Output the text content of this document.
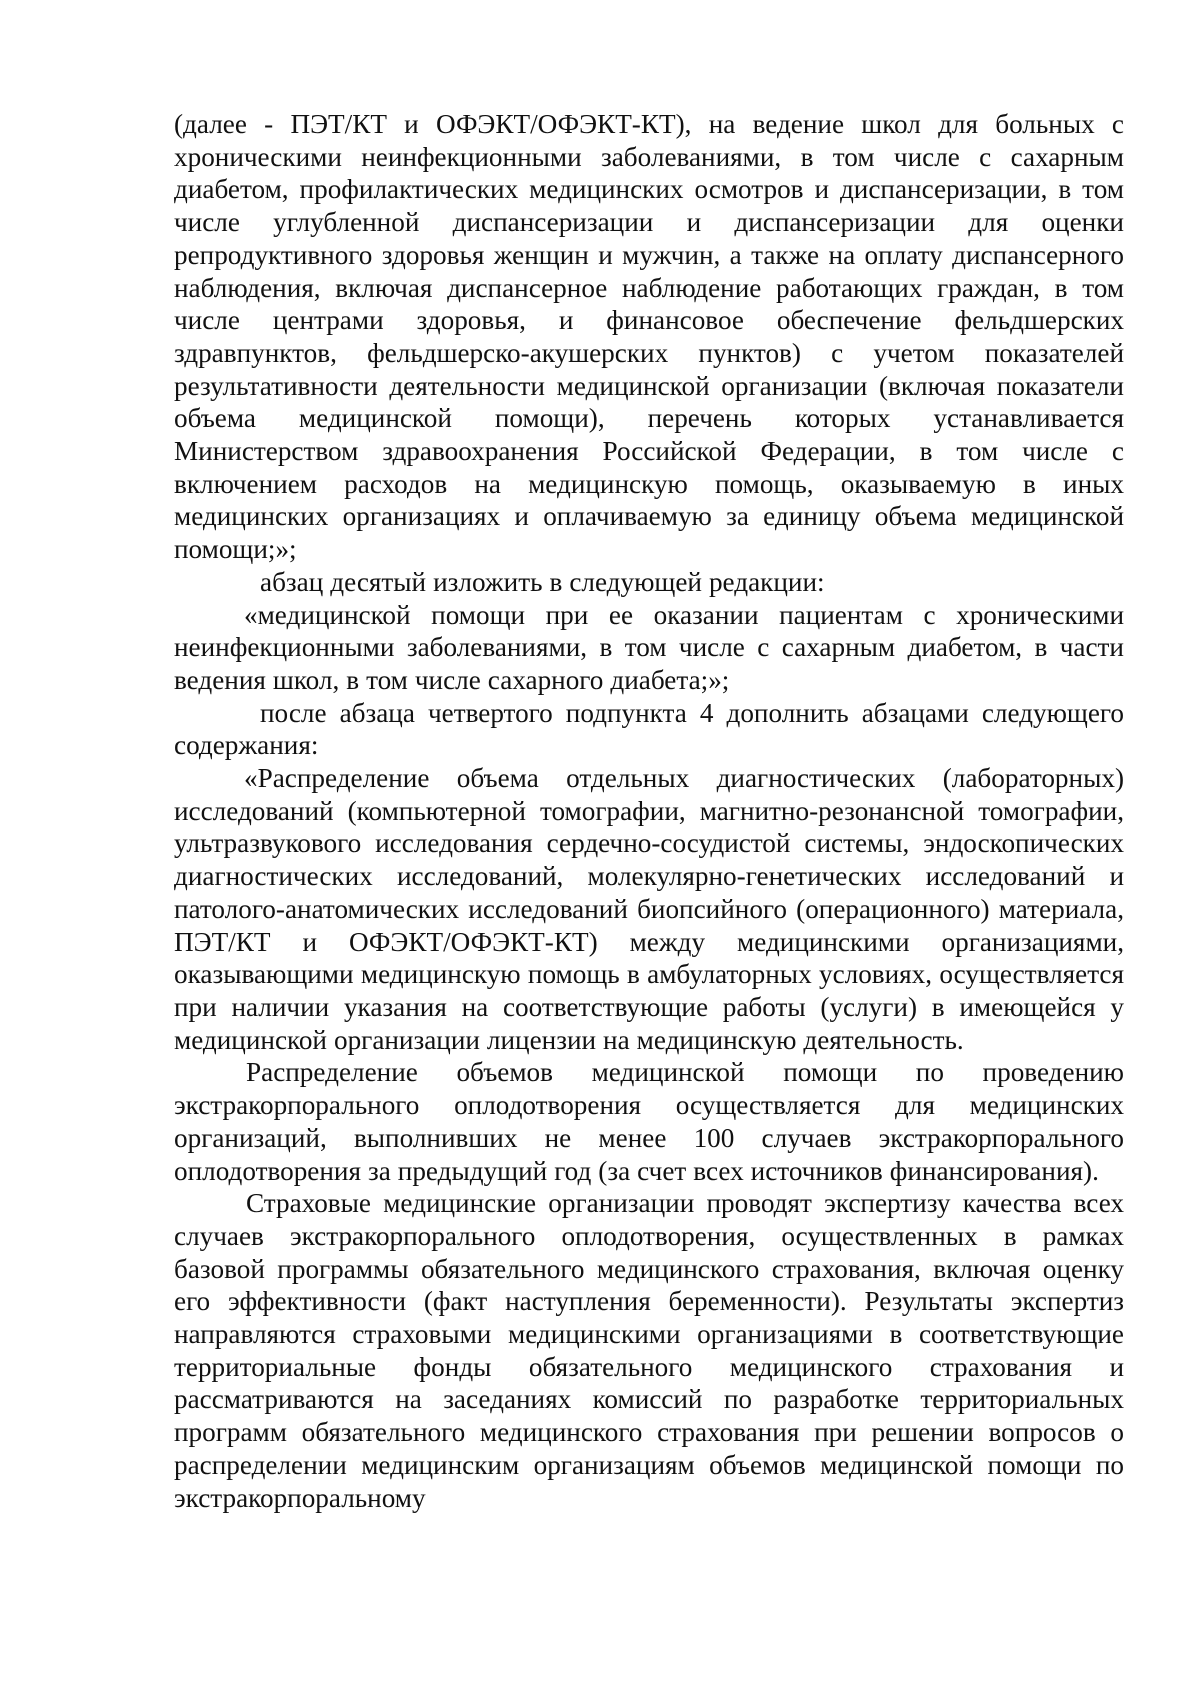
(далее - ПЭТ/КТ и ОФЭКТ/ОФЭКТ-КТ), на ведение школ для больных с хроническими неинфекционными заболеваниями, в том числе с сахарным диабетом, профилактических медицинских осмотров и диспансеризации, в том числе углубленной диспансеризации и диспансеризации для оценки репродуктивного здоровья женщин и мужчин, а также на оплату диспансерного наблюдения, включая диспансерное наблюдение работающих граждан, в том числе центрами здоровья, и финансовое обеспечение фельдшерских здравпунктов, фельдшерско-акушерских пунктов) с учетом показателей результативности деятельности медицинской организации (включая показатели объема медицинской помощи), перечень которых устанавливается Министерством здравоохранения Российской Федерации, в том числе с включением расходов на медицинскую помощь, оказываемую в иных медицинских организациях и оплачиваемую за единицу объема медицинской помощи;»;

абзац десятый изложить в следующей редакции:

«медицинской помощи при ее оказании пациентам с хроническими неинфекционными заболеваниями, в том числе с сахарным диабетом, в части ведения школ, в том числе сахарного диабета;»;

после абзаца четвертого подпункта 4 дополнить абзацами следующего содержания:

«Распределение объема отдельных диагностических (лабораторных) исследований (компьютерной томографии, магнитно-резонансной томографии, ультразвукового исследования сердечно-сосудистой системы, эндоскопических диагностических исследований, молекулярно-генетических исследований и патолого-анатомических исследований биопсийного (операционного) материала, ПЭТ/КТ и ОФЭКТ/ОФЭКТ-КТ) между медицинскими организациями, оказывающими медицинскую помощь в амбулаторных условиях, осуществляется при наличии указания на соответствующие работы (услуги) в имеющейся у медицинской организации лицензии на медицинскую деятельность.

Распределение объемов медицинской помощи по проведению экстракорпорального оплодотворения осуществляется для медицинских организаций, выполнивших не менее 100 случаев экстракорпорального оплодотворения за предыдущий год (за счет всех источников финансирования).

Страховые медицинские организации проводят экспертизу качества всех случаев экстракорпорального оплодотворения, осуществленных в рамках базовой программы обязательного медицинского страхования, включая оценку его эффективности (факт наступления беременности). Результаты экспертиз направляются страховыми медицинскими организациями в соответствующие территориальные фонды обязательного медицинского страхования и рассматриваются на заседаниях комиссий по разработке территориальных программ обязательного медицинского страхования при решении вопросов о распределении медицинским организациям объемов медицинской помощи по экстракорпоральному
